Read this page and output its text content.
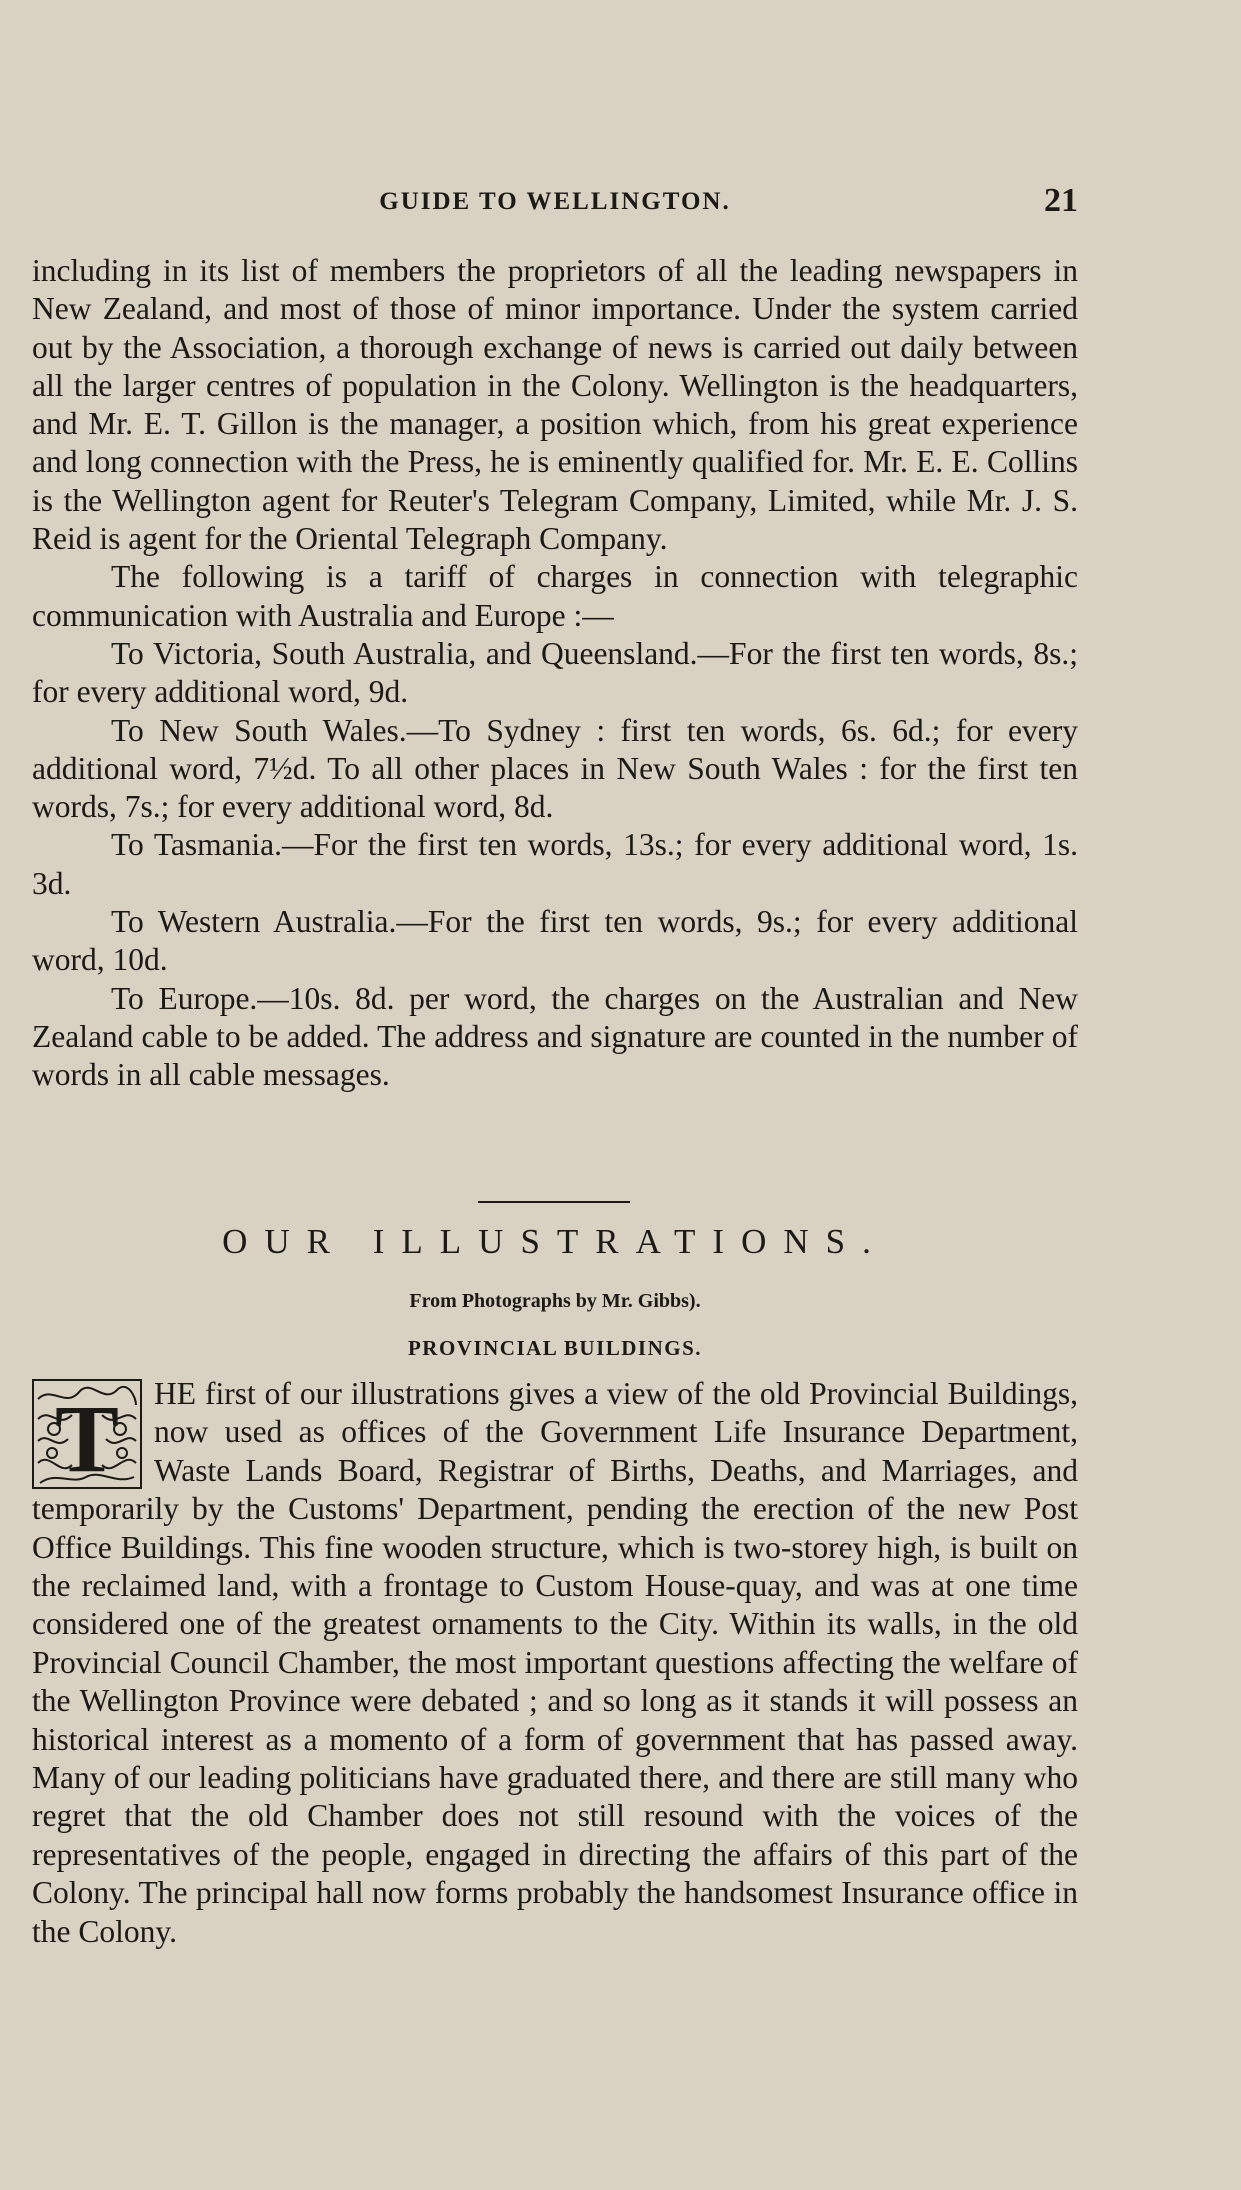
GUIDE TO WELLINGTON.	21

including in its list of members the proprietors of all the leading newspapers in New Zealand, and most of those of minor importance. Under the system carried out by the Association, a thorough exchange of news is carried out daily between all the larger centres of population in the Colony. Wellington is the headquarters, and Mr. E. T. Gillon is the manager, a position which, from his great experience and long connection with the Press, he is eminently qualified for. Mr. E. E. Collins is the Wellington agent for Reuter's Telegram Company, Limited, while Mr. J. S. Reid is agent for the Oriental Telegraph Company.

The following is a tariff of charges in connection with telegraphic communication with Australia and Europe :—

To Victoria, South Australia, and Queensland.—For the first ten words, 8s.; for every additional word, 9d.

To New South Wales.—To Sydney : first ten words, 6s. 6d.; for every additional word, 7½d. To all other places in New South Wales : for the first ten words, 7s.; for every additional word, 8d.

To Tasmania.—For the first ten words, 13s.; for every additional word, 1s. 3d.

To Western Australia.—For the first ten words, 9s.; for every additional word, 10d.

To Europe.—10s. 8d. per word, the charges on the Australian and New Zealand cable to be added. The address and signature are counted in the number of words in all cable messages.

OUR ILLUSTRATIONS.
From Photographs by Mr. Gibbs).
PROVINCIAL BUILDINGS.
T	HE first of our illustrations gives a view of the old Provincial Buildings, now used as offices of the Government Life Insurance Department, Waste Lands Board, Registrar of Births, Deaths, and Marriages, and temporarily by the Customs' Department, pending the erection of the new Post Office Buildings. This fine wooden structure, which is two-storey high, is built on the reclaimed land, with a frontage to Custom House-quay, and was at one time considered one of the greatest ornaments to the City. Within its walls, in the old Provincial Council Chamber, the most important questions affecting the welfare of the Wellington Province were debated ; and so long as it stands it will possess an historical interest as a momento of a form of government that has passed away. Many of our leading politicians have graduated there, and there are still many who regret that the old Chamber does not still resound with the voices of the representatives of the people, engaged in directing the affairs of this part of the Colony. The principal hall now forms probably the handsomest Insurance office in the Colony.
